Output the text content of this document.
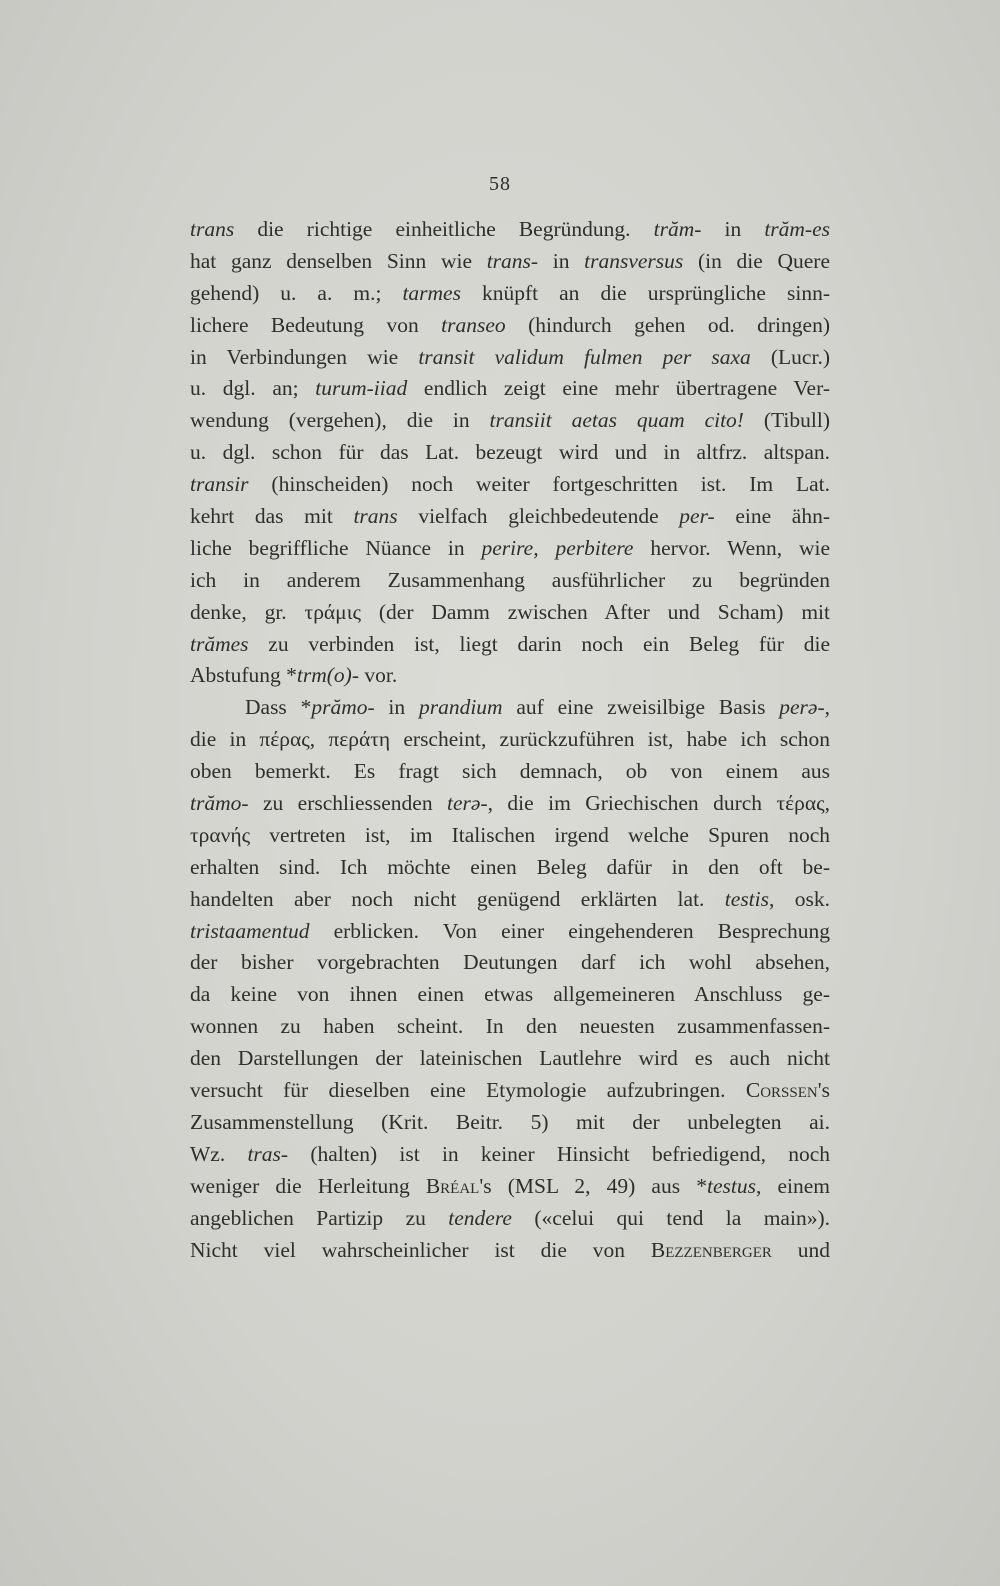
58
trans die richtige einheitliche Begründung. trăm- in trăm-es
hat ganz denselben Sinn wie trans- in transversus (in die Quere
gehend) u. a. m.; tarmes knüpft an die ursprüngliche sinn-
lichere Bedeutung von transeo (hindurch gehen od. dringen)
in Verbindungen wie transit validum fulmen per saxa (Lucr.)
u. dgl. an; turum-iiad endlich zeigt eine mehr übertragene Ver-
wendung (vergehen), die in transiit aetas quam cito! (Tibull)
u. dgl. schon für das Lat. bezeugt wird und in altfrz. altspan.
transir (hinscheiden) noch weiter fortgeschritten ist. Im Lat.
kehrt das mit trans vielfach gleichbedeutende per- eine ähn-
liche begriffliche Nüance in perire, perbitere hervor. Wenn, wie
ich in anderem Zusammenhang ausführlicher zu begründen
denke, gr. τράμις (der Damm zwischen After und Scham) mit
trămes zu verbinden ist, liegt darin noch ein Beleg für die
Abstufung *trm(o)- vor.
Dass *prămo- in prandium auf eine zweisilbige Basis perə-,
die in πέρας, περάτη erscheint, zurückzuführen ist, habe ich schon
oben bemerkt. Es fragt sich demnach, ob von einem aus
trămo- zu erschliessenden terə-, die im Griechischen durch τέρας,
τρανής vertreten ist, im Italischen irgend welche Spuren noch
erhalten sind. Ich möchte einen Beleg dafür in den oft be-
handelten aber noch nicht genügend erklärten lat. testis, osk.
tristaamentud erblicken. Von einer eingehenderen Besprechung
der bisher vorgebrachten Deutungen darf ich wohl absehen,
da keine von ihnen einen etwas allgemeineren Anschluss ge-
wonnen zu haben scheint. In den neuesten zusammenfassen-
den Darstellungen der lateinischen Lautlehre wird es auch nicht
versucht für dieselben eine Etymologie aufzubringen. Corssen's
Zusammenstellung (Krit. Beitr. 5) mit der unbelegten ai.
Wz. tras- (halten) ist in keiner Hinsicht befriedigend, noch
weniger die Herleitung Bréal's (MSL 2, 49) aus *testus, einem
angeblichen Partizip zu tendere («celui qui tend la main»).
Nicht viel wahrscheinlicher ist die von Bezzenberger und
